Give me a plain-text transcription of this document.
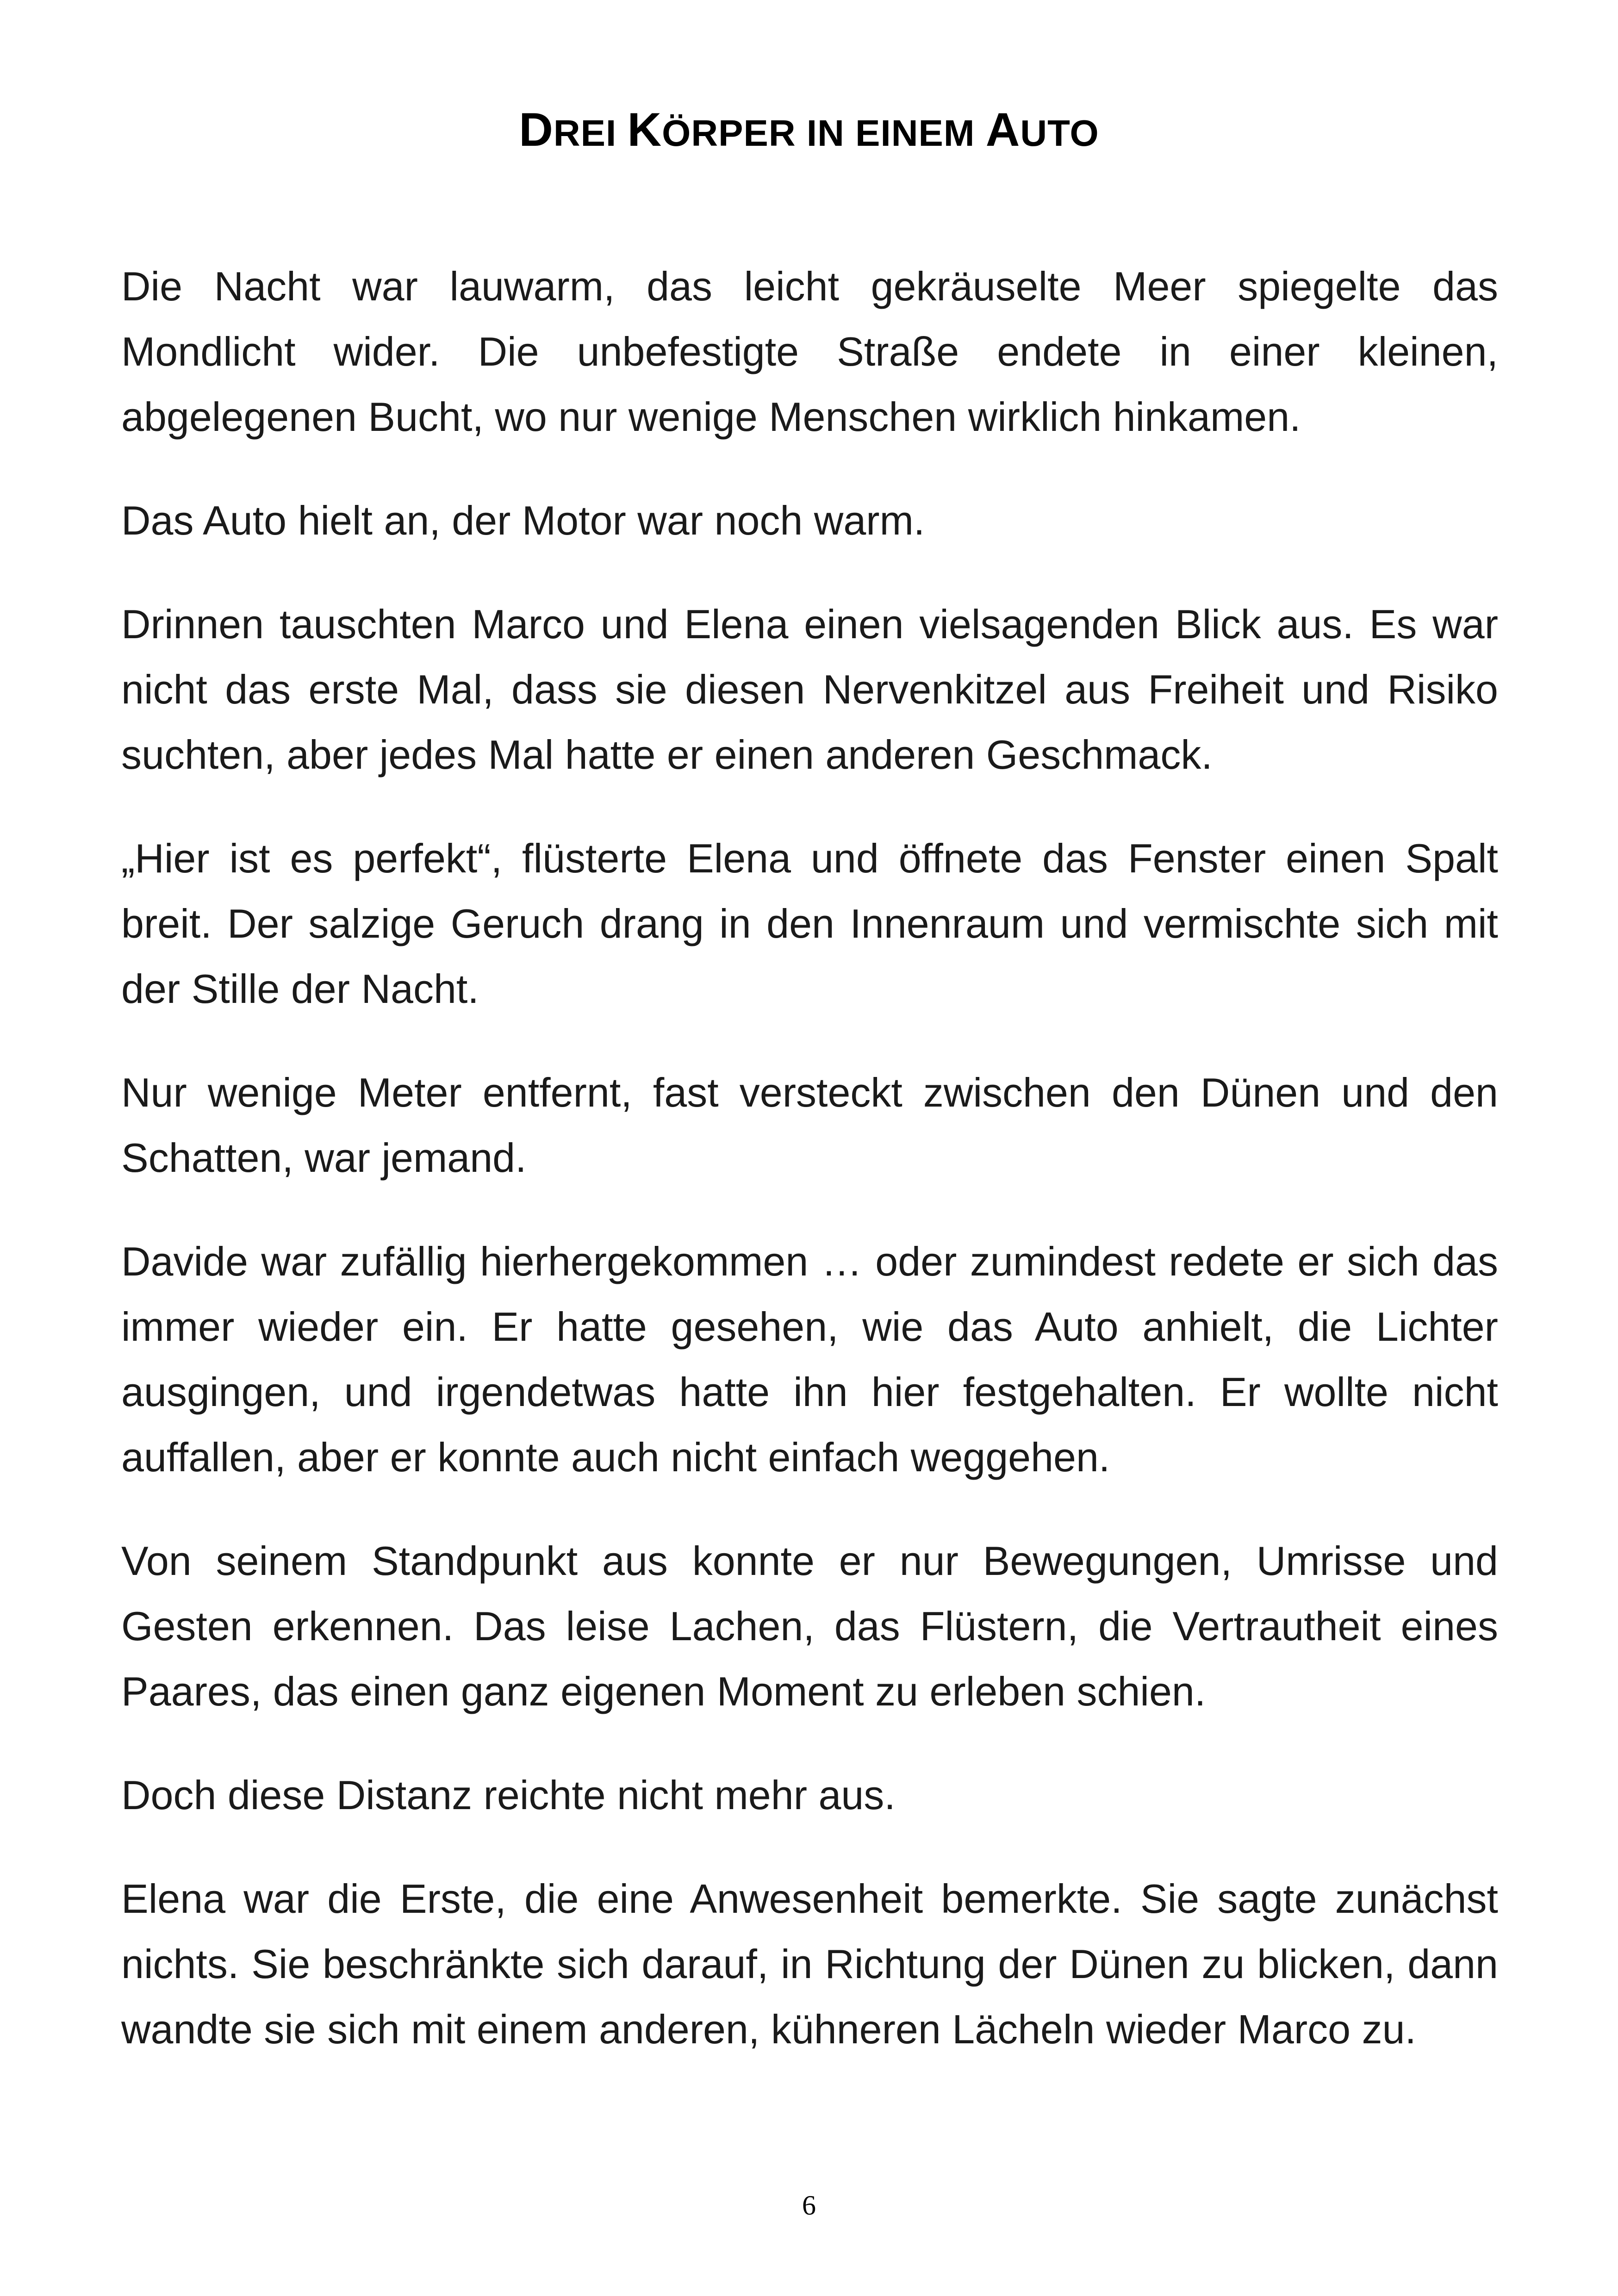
DREI KÖRPER IN EINEM AUTO

Die Nacht war lauwarm, das leicht gekräuselte Meer spiegelte das Mondlicht wider. Die unbefestigte Straße endete in einer kleinen, abgelegenen Bucht, wo nur wenige Menschen wirklich hinkamen.

Das Auto hielt an, der Motor war noch warm.

Drinnen tauschten Marco und Elena einen vielsagenden Blick aus. Es war nicht das erste Mal, dass sie diesen Nervenkitzel aus Freiheit und Risiko suchten, aber jedes Mal hatte er einen anderen Geschmack.

„Hier ist es perfekt“, flüsterte Elena und öffnete das Fenster einen Spalt breit. Der salzige Geruch drang in den Innenraum und vermischte sich mit der Stille der Nacht.

Nur wenige Meter entfernt, fast versteckt zwischen den Dünen und den Schatten, war jemand.

Davide war zufällig hierhergekommen … oder zumindest redete er sich das immer wieder ein. Er hatte gesehen, wie das Auto anhielt, die Lichter ausgingen, und irgendetwas hatte ihn hier festgehalten. Er wollte nicht auffallen, aber er konnte auch nicht einfach weggehen.

Von seinem Standpunkt aus konnte er nur Bewegungen, Umrisse und Gesten erkennen. Das leise Lachen, das Flüstern, die Vertrautheit eines Paares, das einen ganz eigenen Moment zu erleben schien.

Doch diese Distanz reichte nicht mehr aus.

Elena war die Erste, die eine Anwesenheit bemerkte. Sie sagte zunächst nichts. Sie beschränkte sich darauf, in Richtung der Dünen zu blicken, dann wandte sie sich mit einem anderen, kühneren Lächeln wieder Marco zu.

6
